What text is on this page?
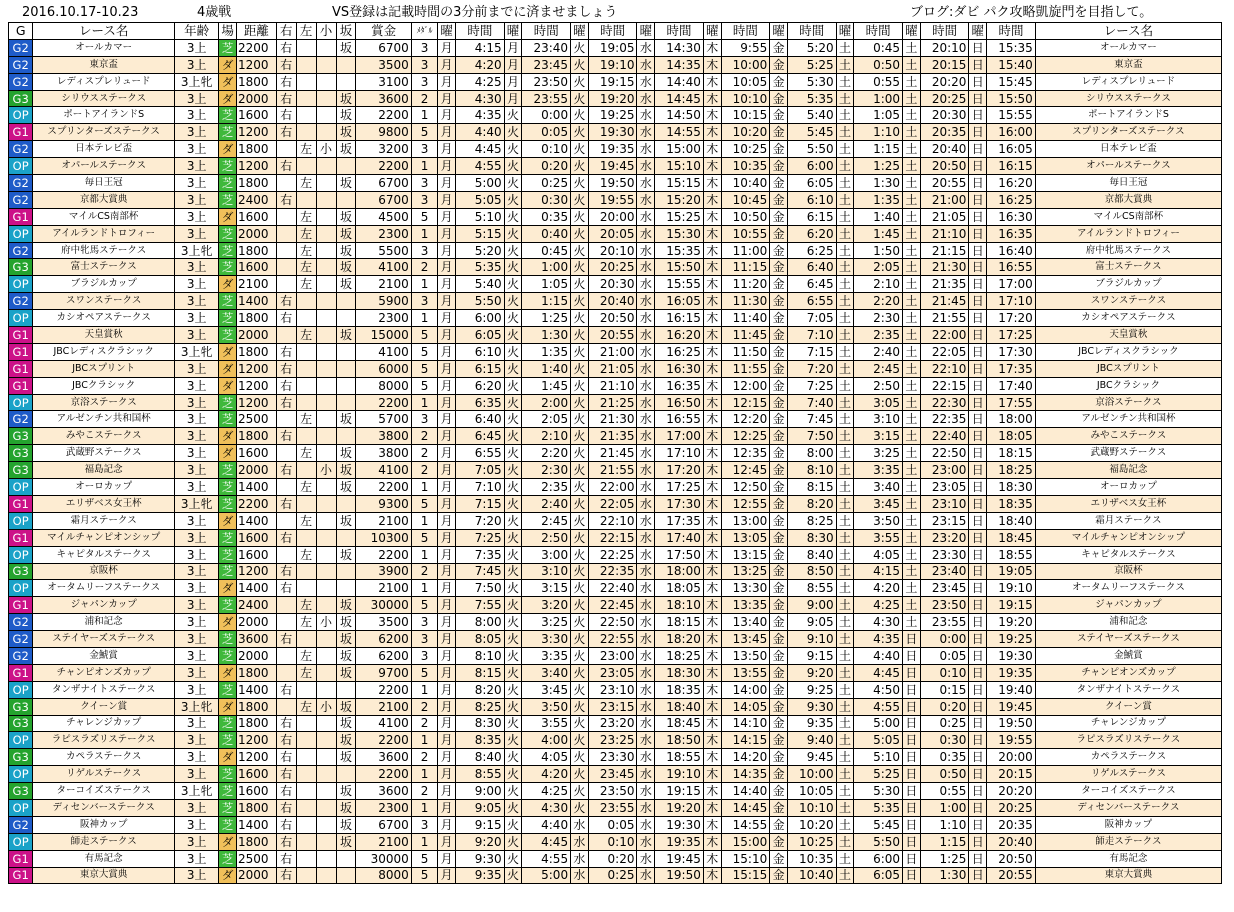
2016.10.17-10.23	4歳戦	VS登録は記載時間の3分前までに済ませましょう	ブログ:ダビ パク攻略凱旋門を目指して。
G	レース名	年齢	場	距離	右	左	小	坂	賞金	ﾒﾀﾞﾙ	曜	時間	曜	時間	曜	時間	曜	時間	曜	時間	曜	時間	曜	時間	曜	時間	曜	時間	レース名
G2	オールカマー	3上	芝	2200	右			坂	6700	3	月	4:15	月	23:40	火	19:05	水	14:30	木	9:55	金	5:20	土	0:45	土	20:10	日	15:35	オールカマー
G2	東京盃	3上	ダ	1200	右				3500	3	月	4:20	月	23:45	火	19:10	水	14:35	木	10:00	金	5:25	土	0:50	土	20:15	日	15:40	東京盃
G2	レディスプレリュード	3上牝	ダ	1800	右				3100	3	月	4:25	月	23:50	火	19:15	水	14:40	木	10:05	金	5:30	土	0:55	土	20:20	日	15:45	レディスプレリュード
G3	シリウスステークス	3上	ダ	2000	右			坂	3600	2	月	4:30	月	23:55	火	19:20	水	14:45	木	10:10	金	5:35	土	1:00	土	20:25	日	15:50	シリウスステークス
OP	ポートアイランドS	3上	芝	1600	右			坂	2200	1	月	4:35	火	0:00	火	19:25	水	14:50	木	10:15	金	5:40	土	1:05	土	20:30	日	15:55	ポートアイランドS
G1	スプリンターズステークス	3上	芝	1200	右			坂	9800	5	月	4:40	火	0:05	火	19:30	水	14:55	木	10:20	金	5:45	土	1:10	土	20:35	日	16:00	スプリンターズステークス
G2	日本テレビ盃	3上	ダ	1800		左	小	坂	3200	3	月	4:45	火	0:10	火	19:35	水	15:00	木	10:25	金	5:50	土	1:15	土	20:40	日	16:05	日本テレビ盃
OP	オパールステークス	3上	芝	1200	右				2200	1	月	4:55	火	0:20	火	19:45	水	15:10	木	10:35	金	6:00	土	1:25	土	20:50	日	16:15	オパールステークス
G2	毎日王冠	3上	芝	1800		左		坂	6700	3	月	5:00	火	0:25	火	19:50	水	15:15	木	10:40	金	6:05	土	1:30	土	20:55	日	16:20	毎日王冠
G2	京都大賞典	3上	芝	2400	右				6700	3	月	5:05	火	0:30	火	19:55	水	15:20	木	10:45	金	6:10	土	1:35	土	21:00	日	16:25	京都大賞典
G1	マイルCS南部杯	3上	ダ	1600		左		坂	4500	5	月	5:10	火	0:35	火	20:00	水	15:25	木	10:50	金	6:15	土	1:40	土	21:05	日	16:30	マイルCS南部杯
OP	アイルランドトロフィー	3上	芝	2000		左		坂	2300	1	月	5:15	火	0:40	火	20:05	水	15:30	木	10:55	金	6:20	土	1:45	土	21:10	日	16:35	アイルランドトロフィー
G2	府中牝馬ステークス	3上牝	芝	1800		左		坂	5500	3	月	5:20	火	0:45	火	20:10	水	15:35	木	11:00	金	6:25	土	1:50	土	21:15	日	16:40	府中牝馬ステークス
G3	富士ステークス	3上	芝	1600		左		坂	4100	2	月	5:35	火	1:00	火	20:25	水	15:50	木	11:15	金	6:40	土	2:05	土	21:30	日	16:55	富士ステークス
OP	ブラジルカップ	3上	ダ	2100		左		坂	2100	1	月	5:40	火	1:05	火	20:30	水	15:55	木	11:20	金	6:45	土	2:10	土	21:35	日	17:00	ブラジルカップ
G2	スワンステークス	3上	芝	1400	右				5900	3	月	5:50	火	1:15	火	20:40	水	16:05	木	11:30	金	6:55	土	2:20	土	21:45	日	17:10	スワンステークス
OP	カシオペアステークス	3上	芝	1800	右				2300	1	月	6:00	火	1:25	火	20:50	水	16:15	木	11:40	金	7:05	土	2:30	土	21:55	日	17:20	カシオペアステークス
G1	天皇賞秋	3上	芝	2000		左		坂	15000	5	月	6:05	火	1:30	火	20:55	水	16:20	木	11:45	金	7:10	土	2:35	土	22:00	日	17:25	天皇賞秋
G1	JBCレディスクラシック	3上牝	ダ	1800	右				4100	5	月	6:10	火	1:35	火	21:00	水	16:25	木	11:50	金	7:15	土	2:40	土	22:05	日	17:30	JBCレディスクラシック
G1	JBCスプリント	3上	ダ	1200	右				6000	5	月	6:15	火	1:40	火	21:05	水	16:30	木	11:55	金	7:20	土	2:45	土	22:10	日	17:35	JBCスプリント
G1	JBCクラシック	3上	ダ	1200	右				8000	5	月	6:20	火	1:45	火	21:10	水	16:35	木	12:00	金	7:25	土	2:50	土	22:15	日	17:40	JBCクラシック
OP	京浴ステークス	3上	芝	1200	右				2200	1	月	6:35	火	2:00	火	21:25	水	16:50	木	12:15	金	7:40	土	3:05	土	22:30	日	17:55	京浴ステークス
G2	アルゼンチン共和国杯	3上	芝	2500		左		坂	5700	3	月	6:40	火	2:05	火	21:30	水	16:55	木	12:20	金	7:45	土	3:10	土	22:35	日	18:00	アルゼンチン共和国杯
G3	みやこステークス	3上	ダ	1800	右				3800	2	月	6:45	火	2:10	火	21:35	水	17:00	木	12:25	金	7:50	土	3:15	土	22:40	日	18:05	みやこステークス
G3	武蔵野ステークス	3上	ダ	1600		左		坂	3800	2	月	6:55	火	2:20	火	21:45	水	17:10	木	12:35	金	8:00	土	3:25	土	22:50	日	18:15	武蔵野ステークス
G3	福島記念	3上	芝	2000	右		小	坂	4100	2	月	7:05	火	2:30	火	21:55	水	17:20	木	12:45	金	8:10	土	3:35	土	23:00	日	18:25	福島記念
OP	オーロカップ	3上	芝	1400		左		坂	2200	1	月	7:10	火	2:35	火	22:00	水	17:25	木	12:50	金	8:15	土	3:40	土	23:05	日	18:30	オーロカップ
G1	エリザベス女王杯	3上牝	芝	2200	右				9300	5	月	7:15	火	2:40	火	22:05	水	17:30	木	12:55	金	8:20	土	3:45	土	23:10	日	18:35	エリザベス女王杯
OP	霜月ステークス	3上	ダ	1400		左		坂	2100	1	月	7:20	火	2:45	火	22:10	水	17:35	木	13:00	金	8:25	土	3:50	土	23:15	日	18:40	霜月ステークス
G1	マイルチャンピオンシップ	3上	芝	1600	右				10300	5	月	7:25	火	2:50	火	22:15	水	17:40	木	13:05	金	8:30	土	3:55	土	23:20	日	18:45	マイルチャンピオンシップ
OP	キャピタルステークス	3上	芝	1600		左		坂	2200	1	月	7:35	火	3:00	火	22:25	水	17:50	木	13:15	金	8:40	土	4:05	土	23:30	日	18:55	キャピタルステークス
G3	京阪杯	3上	芝	1200	右				3900	2	月	7:45	火	3:10	火	22:35	水	18:00	木	13:25	金	8:50	土	4:15	土	23:40	日	19:05	京阪杯
OP	オータムリーフステークス	3上	ダ	1400	右				2100	1	月	7:50	火	3:15	火	22:40	水	18:05	木	13:30	金	8:55	土	4:20	土	23:45	日	19:10	オータムリーフステークス
G1	ジャパンカップ	3上	芝	2400		左		坂	30000	5	月	7:55	火	3:20	火	22:45	水	18:10	木	13:35	金	9:00	土	4:25	土	23:50	日	19:15	ジャパンカップ
G2	浦和記念	3上	ダ	2000		左	小	坂	3500	3	月	8:00	火	3:25	火	22:50	水	18:15	木	13:40	金	9:05	土	4:30	土	23:55	日	19:20	浦和記念
G2	ステイヤーズステークス	3上	芝	3600	右			坂	6200	3	月	8:05	火	3:30	火	22:55	水	18:20	木	13:45	金	9:10	土	4:35	日	0:00	日	19:25	ステイヤーズステークス
G2	金鯱賞	3上	芝	2000		左		坂	6200	3	月	8:10	火	3:35	火	23:00	水	18:25	木	13:50	金	9:15	土	4:40	日	0:05	日	19:30	金鯱賞
G1	チャンピオンズカップ	3上	ダ	1800		左		坂	9700	5	月	8:15	火	3:40	火	23:05	水	18:30	木	13:55	金	9:20	土	4:45	日	0:10	日	19:35	チャンピオンズカップ
OP	タンザナイトステークス	3上	芝	1400	右				2200	1	月	8:20	火	3:45	火	23:10	水	18:35	木	14:00	金	9:25	土	4:50	日	0:15	日	19:40	タンザナイトステークス
G3	クイーン賞	3上牝	ダ	1800		左	小	坂	2100	2	月	8:25	火	3:50	火	23:15	水	18:40	木	14:05	金	9:30	土	4:55	日	0:20	日	19:45	クイーン賞
G3	チャレンジカップ	3上	芝	1800	右			坂	4100	2	月	8:30	火	3:55	火	23:20	水	18:45	木	14:10	金	9:35	土	5:00	日	0:25	日	19:50	チャレンジカップ
OP	ラピスラズリステークス	3上	芝	1200	右			坂	2200	1	月	8:35	火	4:00	火	23:25	水	18:50	木	14:15	金	9:40	土	5:05	日	0:30	日	19:55	ラピスラズリステークス
G3	カペラステークス	3上	ダ	1200	右			坂	3600	2	月	8:40	火	4:05	火	23:30	水	18:55	木	14:20	金	9:45	土	5:10	日	0:35	日	20:00	カペラステークス
OP	リゲルステークス	3上	芝	1600	右				2200	1	月	8:55	火	4:20	火	23:45	水	19:10	木	14:35	金	10:00	土	5:25	日	0:50	日	20:15	リゲルステークス
G3	ターコイズステークス	3上牝	芝	1600	右			坂	3600	2	月	9:00	火	4:25	火	23:50	水	19:15	木	14:40	金	10:05	土	5:30	日	0:55	日	20:20	ターコイズステークス
OP	ディセンバーステークス	3上	芝	1800	右			坂	2300	1	月	9:05	火	4:30	火	23:55	水	19:20	木	14:45	金	10:10	土	5:35	日	1:00	日	20:25	ディセンバーステークス
G2	阪神カップ	3上	芝	1400	右			坂	6700	3	月	9:15	火	4:40	水	0:05	水	19:30	木	14:55	金	10:20	土	5:45	日	1:10	日	20:35	阪神カップ
OP	師走ステークス	3上	ダ	1800	右			坂	2100	1	月	9:20	火	4:45	水	0:10	水	19:35	木	15:00	金	10:25	土	5:50	日	1:15	日	20:40	師走ステークス
G1	有馬記念	3上	芝	2500	右				30000	5	月	9:30	火	4:55	水	0:20	水	19:45	木	15:10	金	10:35	土	6:00	日	1:25	日	20:50	有馬記念
G1	東京大賞典	3上	ダ	2000	右				8000	5	月	9:35	火	5:00	水	0:25	水	19:50	木	15:15	金	10:40	土	6:05	日	1:30	日	20:55	東京大賞典
